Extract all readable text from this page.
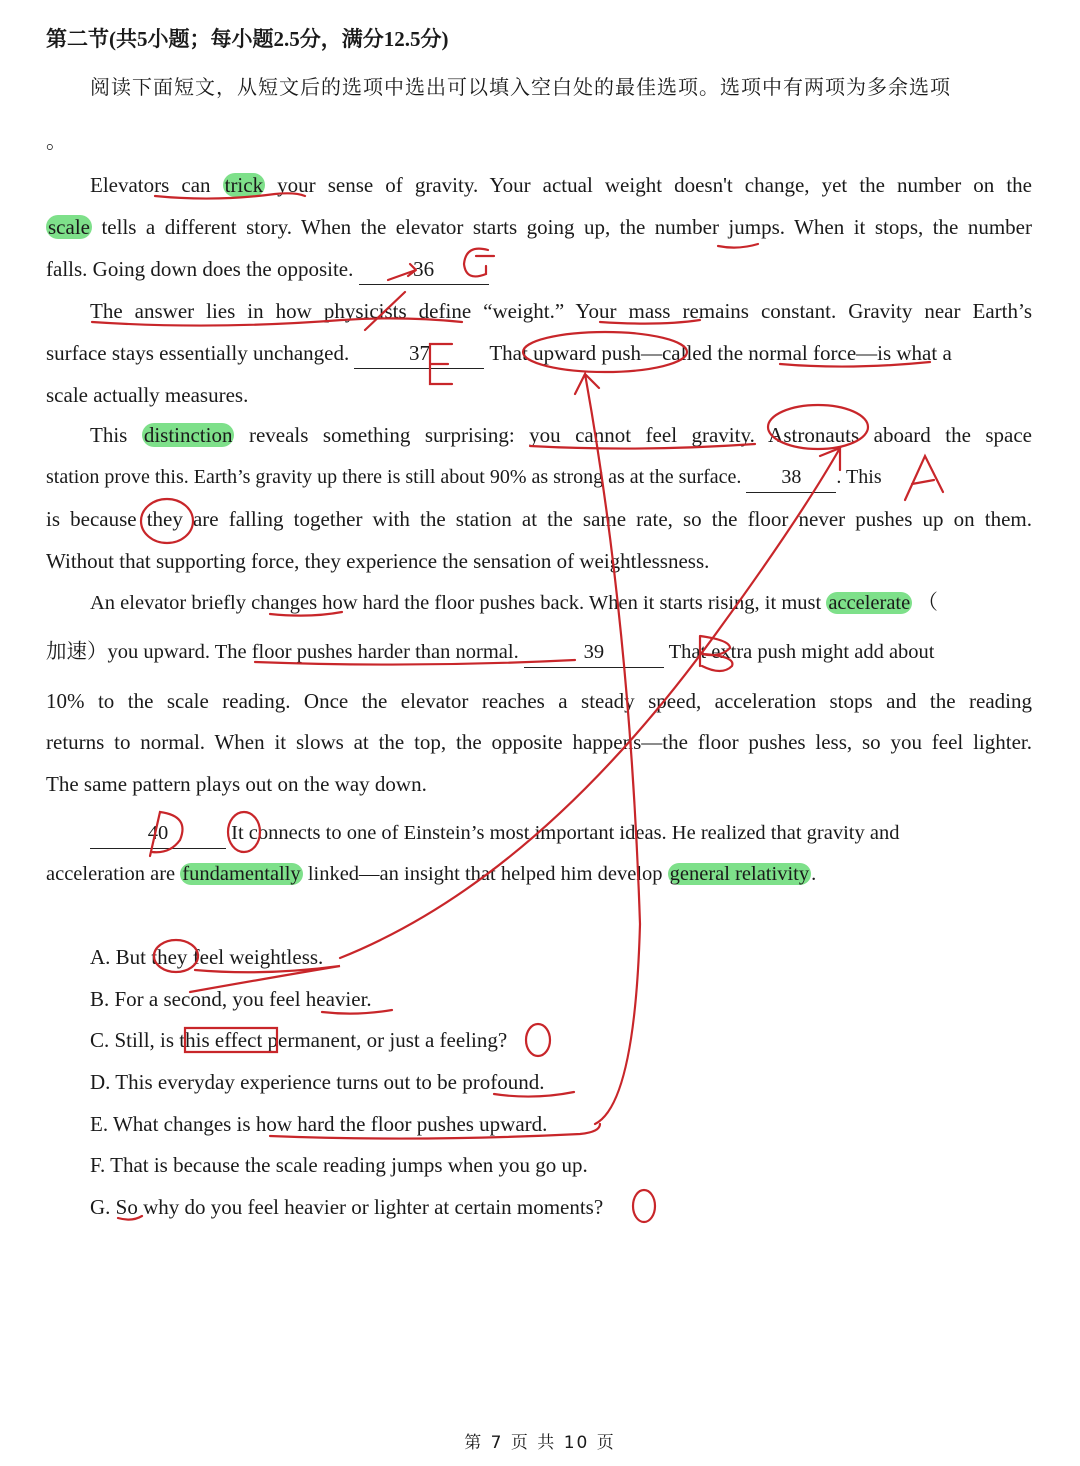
第二节(共5小题；每小题2.5分，满分12.5分)
阅读下面短文，从短文后的选项中选出可以填入空白处的最佳选项。选项中有两项为多余选项
。
Elevators can trick your sense of gravity. Your actual weight doesn't change, yet the number on the
scale tells a different story. When the elevator starts going up, the number jumps. When it stops, the number
falls. Going down does the opposite.	36
The answer lies in how physicists define “weight.” Your mass remains constant. Gravity near Earth’s
surface stays essentially unchanged.	37	That upward push—called the normal force—is what a
scale actually measures.
This distinction reveals something surprising: you cannot feel gravity. Astronauts aboard the space
station prove this. Earth’s gravity up there is still about 90% as strong as at the surface. 38 . This
is because they are falling together with the station at the same rate, so the floor never pushes up on them.
Without that supporting force, they experience the sensation of weightlessness.
An elevator briefly changes how hard the floor pushes back. When it starts rising, it must accelerate （
加速）you upward. The floor pushes harder than normal.	39	That extra push might add about
10% to the scale reading. Once the elevator reaches a steady speed, acceleration stops and the reading
returns to normal. When it slows at the top, the opposite happens—the floor pushes less, so you feel lighter.
The same pattern plays out on the way down.
40	It connects to one of Einstein’s most important ideas. He realized that gravity and
acceleration are fundamentally linked—an insight that helped him develop general relativity.
A. But they feel weightless.
B. For a second, you feel heavier.
C. Still, is this effect permanent, or just a feeling?
D. This everyday experience turns out to be profound.
E. What changes is how hard the floor pushes upward.
F. That is because the scale reading jumps when you go up.
G. So why do you feel heavier or lighter at certain moments?
第 7 页 共 10 页
